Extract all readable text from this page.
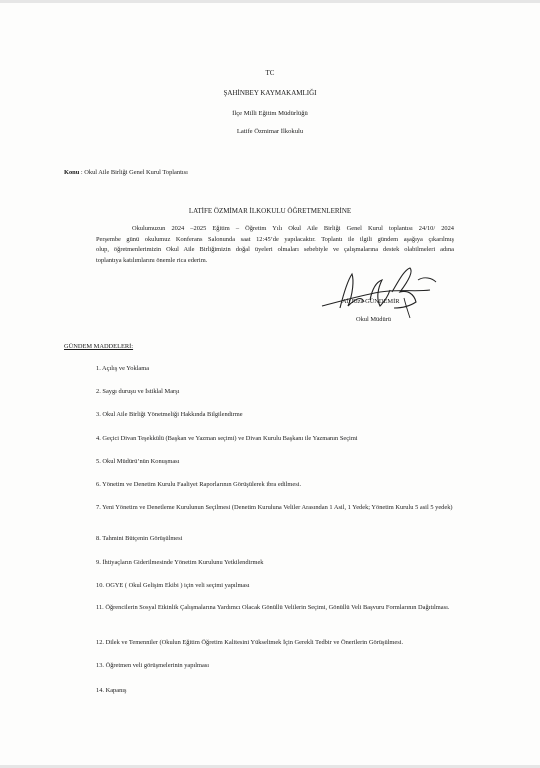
TC
ŞAHİNBEY KAYMAKAMLIĞI
İlçe Milli Eğitim Müdürlüğü
Latife Özmimar İlkokulu
Konu : Okul Aile Birliği Genel Kurul Toplantısı
LATİFE ÖZMİMAR İLKOKULU ÖĞRETMENLERİNE
Okulumuzun 2024 –2025 Eğitim – Öğretim Yılı Okul Aile Birliği Genel Kurul toplantısı 24/10/ 2024
Perşembe günü okulumuz Konferans Salonunda saat 12:45’de yapılacaktır. Toplantı ile ilgili gündem aşağıya çıkarılmış
olup, öğretmenlerimizin Okul Aile Birliğimizin doğal üyeleri olmaları sebebiyle ve çalışmalarına destek olabilmeleri adına
toplantıya katılımlarını önemle rica ederim.
Ali Rıza GÜNDEMİR
Okul Müdürü
GÜNDEM MADDELERİ:
1. Açılış ve Yoklama
2. Saygı duruşu ve İstiklal Marşı
3. Okul Aile Birliği Yönetmeliği Hakkında Bilgilendirme
4. Geçici Divan Teşekkülü (Başkan ve Yazman seçimi) ve Divan Kurulu Başkanı ile Yazmanın Seçimi
5. Okul Müdürü’nün Konuşması
6. Yönetim ve Denetim Kurulu Faaliyet Raporlarının Görüşülerek ibra edilmesi.
7. Yeni Yönetim ve Denetleme Kurulunun Seçilmesi (Denetim Kuruluna Veliler Arasından 1 Asil, 1 Yedek; Yönetim Kurulu 5 asil 5 yedek)
8. Tahmini Bütçenin Görüşülmesi
9. İhtiyaçların Giderilmesinde Yönetim Kurulunu Yetkilendirmek
10. OGYE ( Okul Gelişim Ekibi ) için veli seçimi yapılması
11. Öğrencilerin Sosyal Etkinlik Çalışmalarına Yardımcı Olacak Gönüllü Velilerin Seçimi, Gönüllü Veli Başvuru Formlarının Dağıtılması.
12. Dilek ve Temenniler (Okulun Eğitim Öğretim Kalitesini Yükseltmek İçin Gerekli Tedbir ve Önerilerin Görüşülmesi.
13. Öğretmen veli görüşmelerinin yapılması
14. Kapanış
